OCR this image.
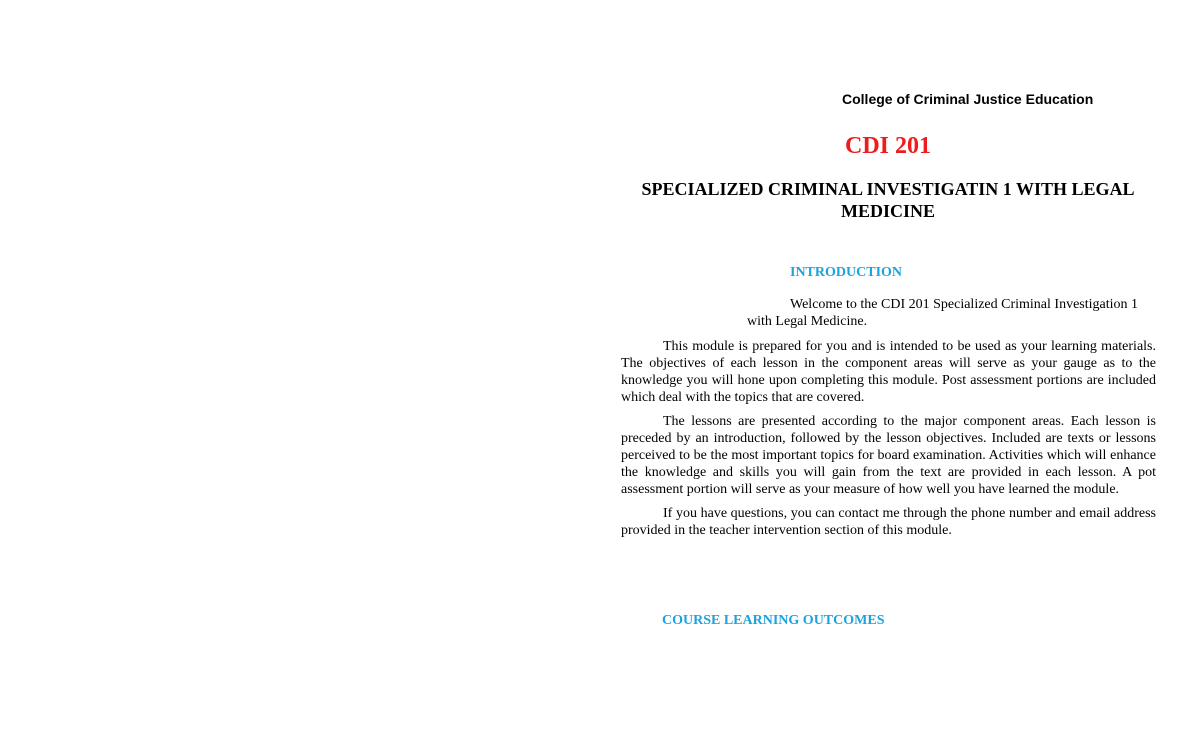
College of Criminal Justice Education
CDI 201
SPECIALIZED CRIMINAL INVESTIGATIN 1 WITH LEGAL
MEDICINE
INTRODUCTION
Welcome to the CDI 201 Specialized Criminal Investigation 1
with Legal Medicine.

This module is prepared for you and is intended to be used as your learning materials. The objectives of each lesson in the component areas will serve as your gauge as to the knowledge you will hone upon completing this module. Post assessment portions are included which deal with the topics that are covered.

The lessons are presented according to the major component areas. Each lesson is preceded by an introduction, followed by the lesson objectives. Included are texts or lessons perceived to be the most important topics for board examination. Activities which will enhance the knowledge and skills you will gain from the text are provided in each lesson. A pot assessment portion will serve as your measure of how well you have learned the module.

If you have questions, you can contact me through the phone number and email address provided in the teacher intervention section of this module.

COURSE LEARNING OUTCOMES
